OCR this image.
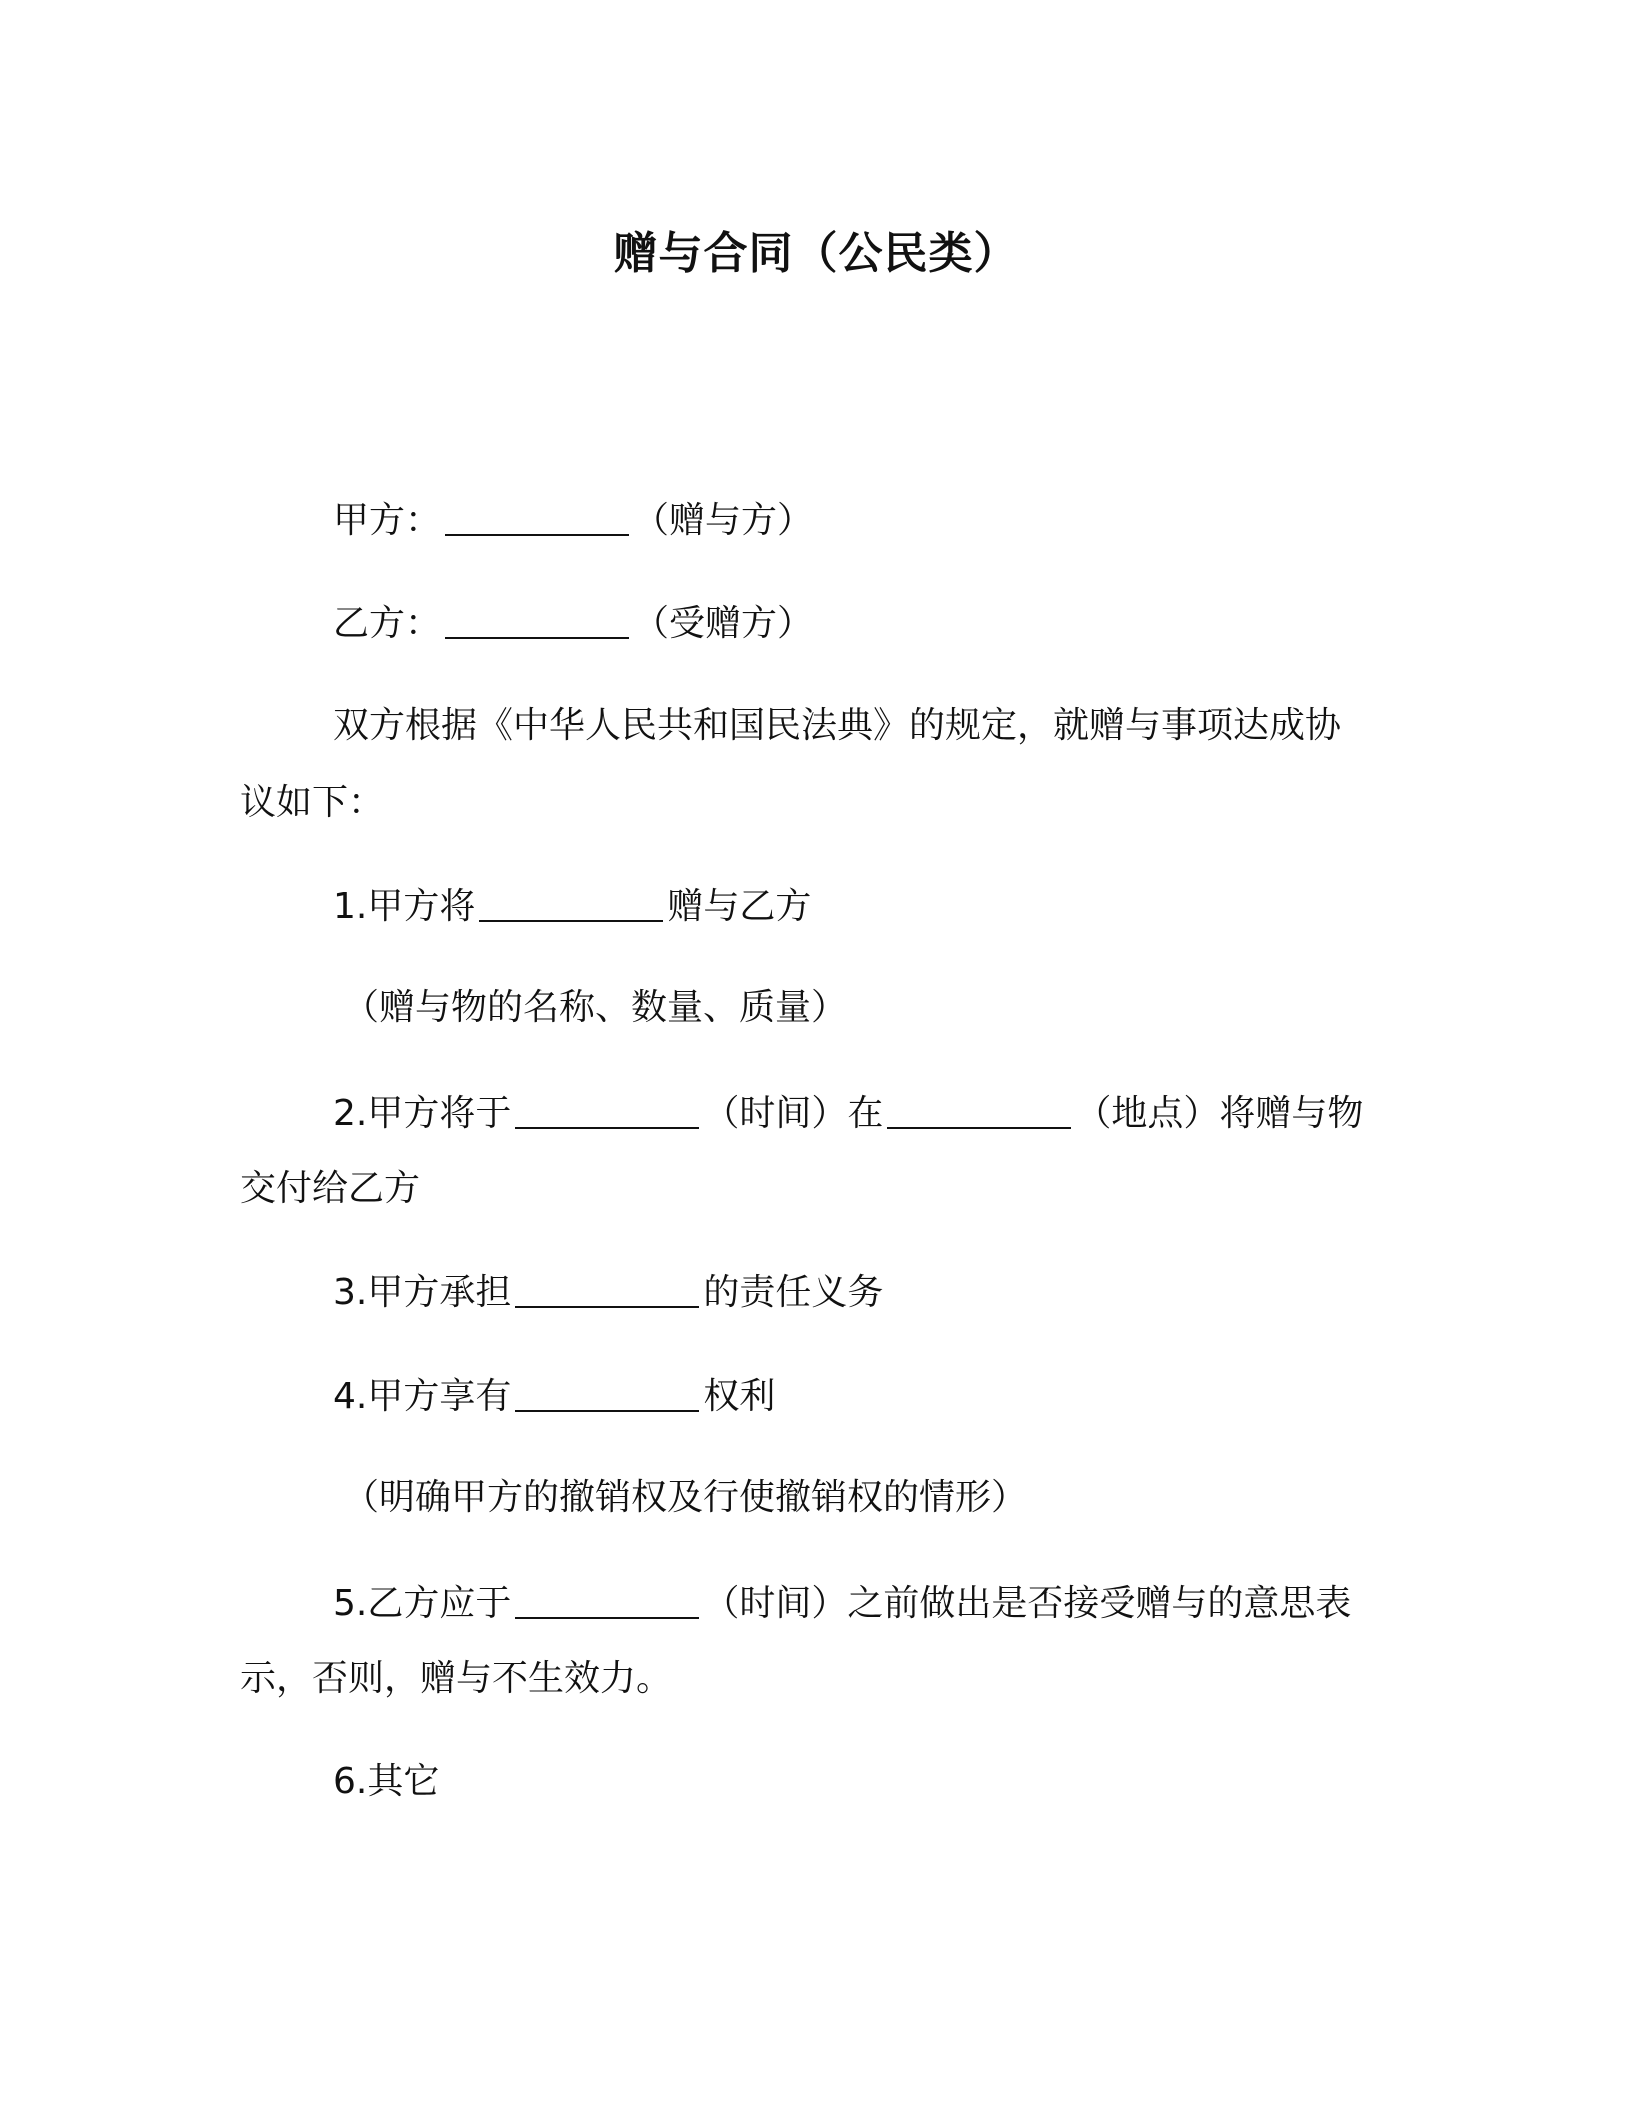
赠与合同（公民类）
甲方：	（赠与方）
乙方：	（受赠方）
双方根据《中华人民共和国民法典》的规定，就赠与事项达成协
议如下：
1.甲方将	赠与乙方
（赠与物的名称、数量、质量）
2.甲方将于	（时间）在	（地点）将赠与物
交付给乙方
3.甲方承担	的责任义务
4.甲方享有	权利
（明确甲方的撤销权及行使撤销权的情形）
5.乙方应于	（时间）之前做出是否接受赠与的意思表
示，否则，赠与不生效力。
6.其它
